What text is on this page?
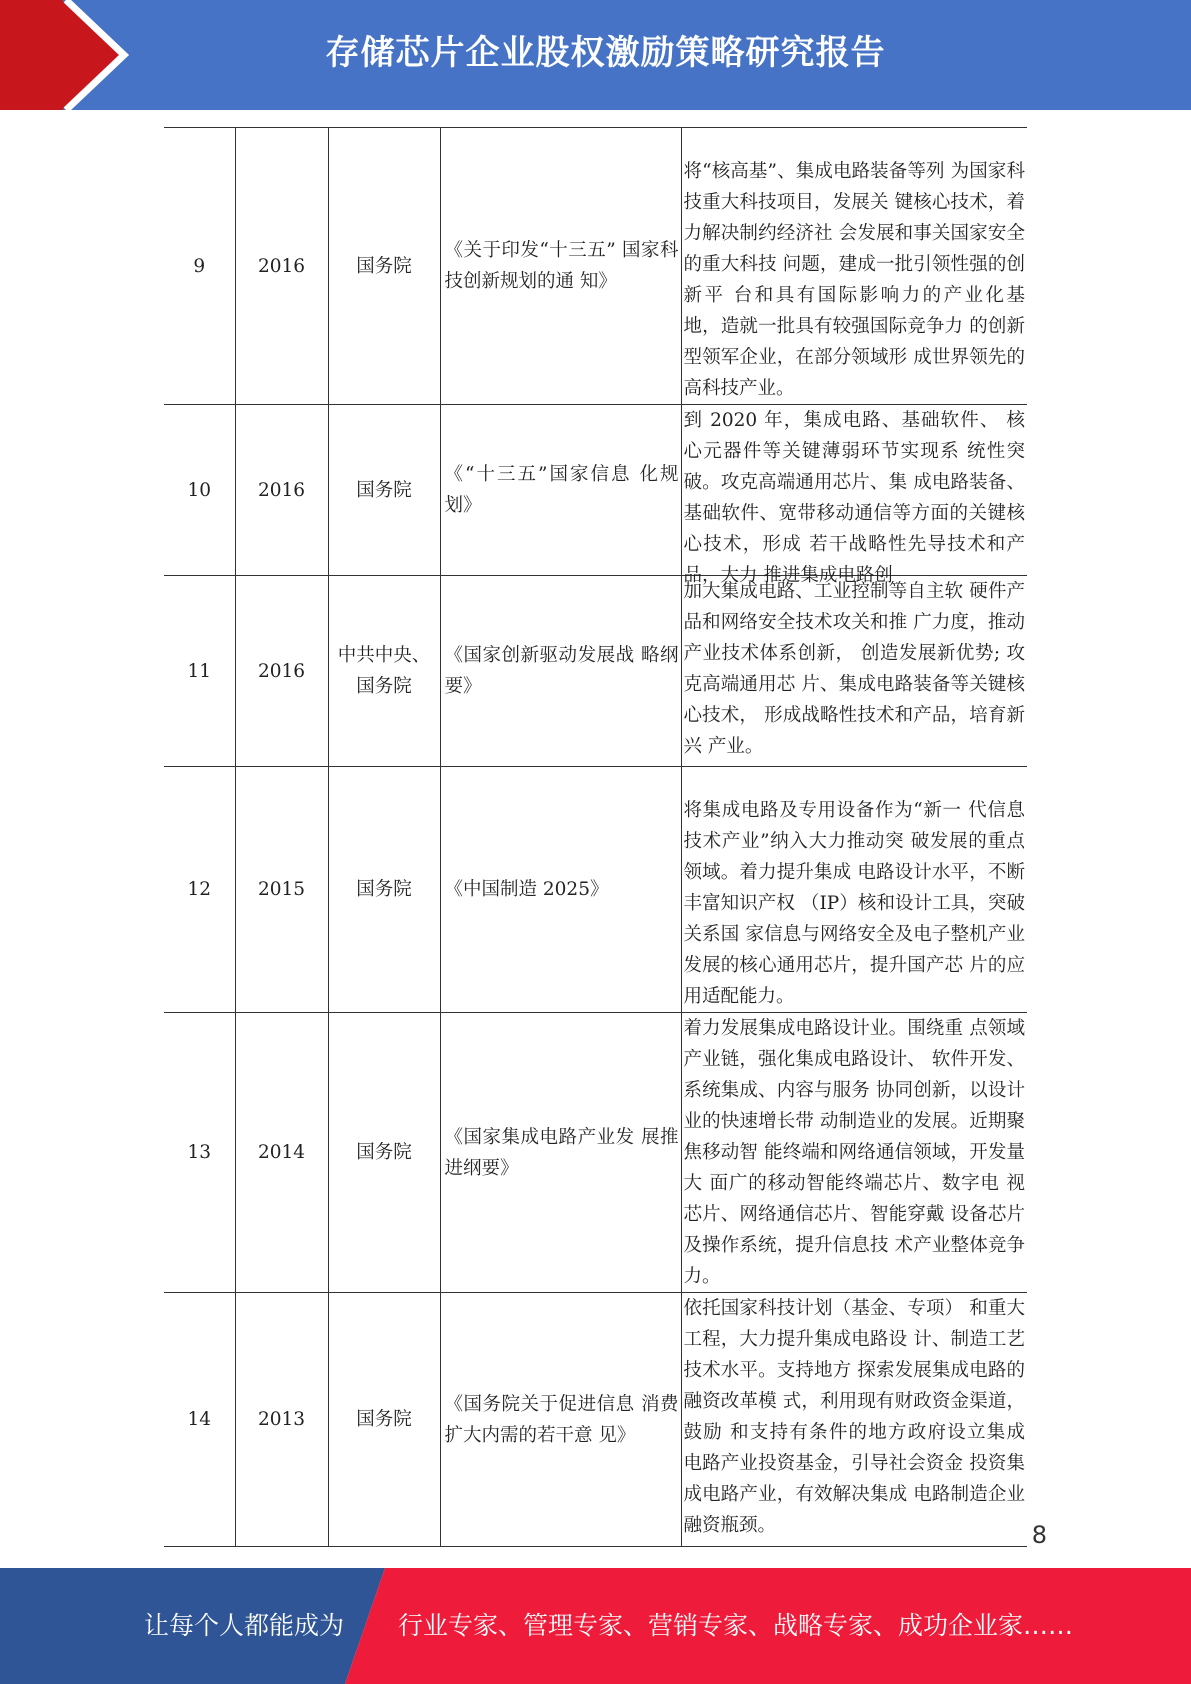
存储芯片企业股权激励策略研究报告
9	2016	国务院	《关于印发“十三五” 国家科技创新规划的通 知》	将“核高基”、集成电路装备等列 为国家科技重大科技项目，发展关 键核心技术，着力解决制约经济社 会发展和事关国家安全的重大科技 问题，建成一批引领性强的创新平 台和具有国际影响力的产业化基 地，造就一批具有较强国际竞争力 的创新型领军企业，在部分领域形 成世界领先的高科技产业。

10	2016	国务院	《“十三五”国家信息 化规划》	到 2020 年，集成电路、基础软件、 核心元器件等关键薄弱环节实现系 统性突破。攻克高端通用芯片、集 成电路装备、基础软件、宽带移动通信等方面的关键核心技术，形成 若干战略性先导技术和产品，大力 推进集成电路创

11	2016	中共中央、国务院	《国家创新驱动发展战 略纲要》	加大集成电路、工业控制等自主软 硬件产品和网络安全技术攻关和推 广力度，推动产业技术体系创新， 创造发展新优势; 攻克高端通用芯 片、集成电路装备等关键核心技术， 形成战略性技术和产品，培育新兴 产业。

12	2015	国务院	《中国制造 2025》	将集成电路及专用设备作为“新一 代信息技术产业”纳入大力推动突 破发展的重点领域。着力提升集成 电路设计水平，不断丰富知识产权 （IP）核和设计工具，突破关系国 家信息与网络安全及电子整机产业 发展的核心通用芯片，提升国产芯 片的应用适配能力。

13	2014	国务院	《国家集成电路产业发 展推进纲要》	着力发展集成电路设计业。围绕重 点领域产业链，强化集成电路设计、 软件开发、系统集成、内容与服务 协同创新，以设计业的快速增长带 动制造业的发展。近期聚焦移动智 能终端和网络通信领域，开发量大 面广的移动智能终端芯片、数字电 视芯片、网络通信芯片、智能穿戴 设备芯片及操作系统，提升信息技 术产业整体竞争力。

14	2013	国务院	《国务院关于促进信息 消费扩大内需的若干意 见》	依托国家科技计划（基金、专项） 和重大工程，大力提升集成电路设 计、制造工艺技术水平。支持地方 探索发展集成电路的融资改革模 式，利用现有财政资金渠道，鼓励 和支持有条件的地方政府设立集成 电路产业投资基金，引导社会资金 投资集成电路产业，有效解决集成 电路制造企业融资瓶颈。	8
让每个人都能成为 行业专家、管理专家、营销专家、战略专家、成功企业家……
